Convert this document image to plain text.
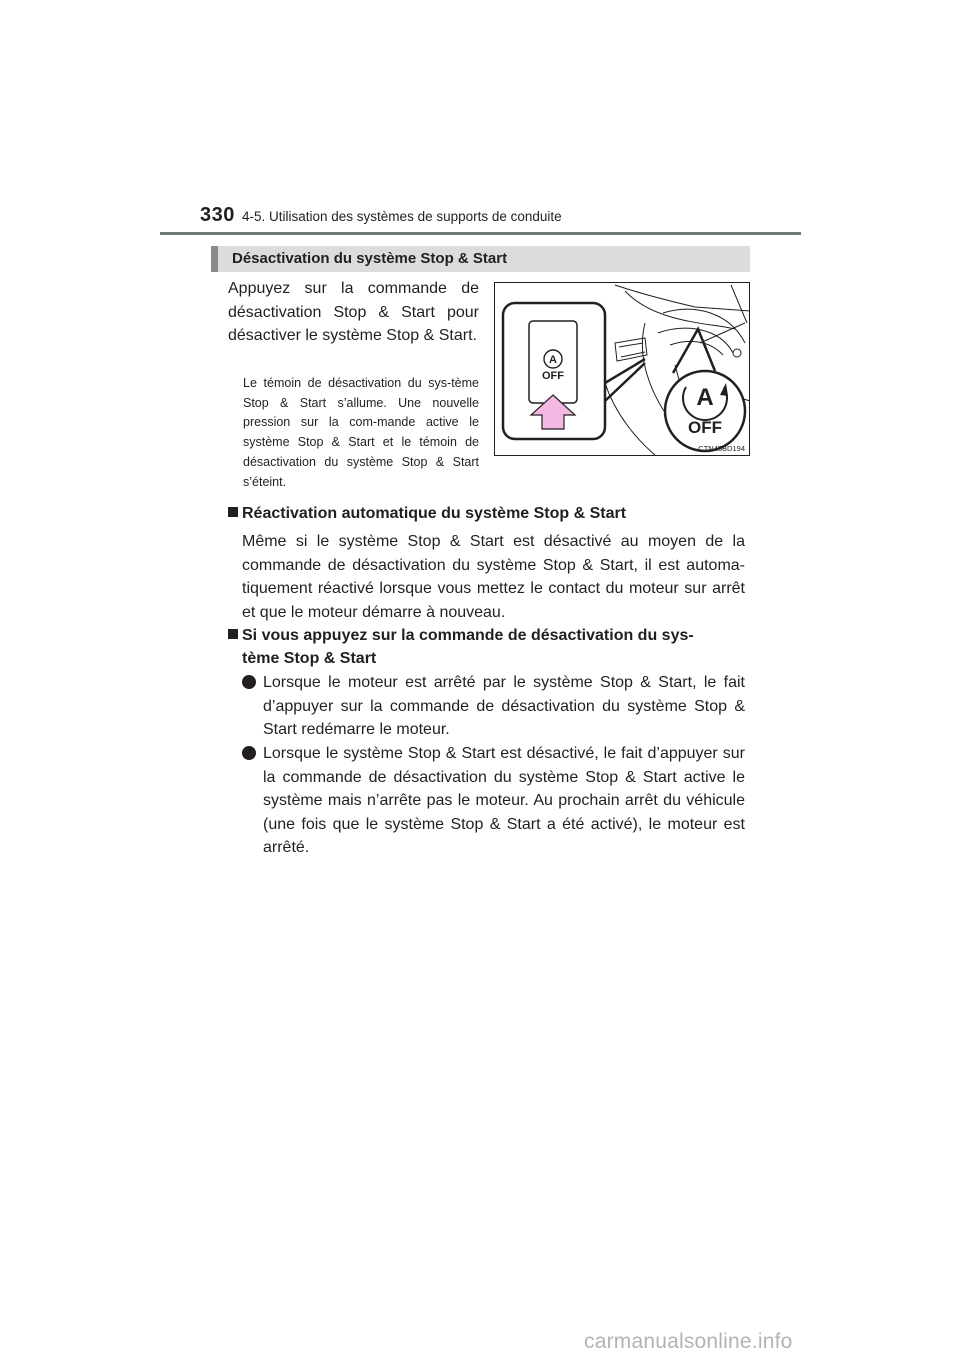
330 4-5. Utilisation des systèmes de supports de conduite
Désactivation du système Stop & Start
Appuyez sur la commande de désactivation Stop & Start pour désactiver le système Stop & Start.
Le témoin de désactivation du sys-tème Stop & Start s’allume. Une nouvelle pression sur la com-mande active le système Stop & Start et le témoin de désactivation du système Stop & Start s’éteint.
A
OFF
A
OFF
CTN45BD194
Réactivation automatique du système Stop & Start
Même si le système Stop & Start est désactivé au moyen de la commande de désactivation du système Stop & Start, il est automa-tiquement réactivé lorsque vous mettez le contact du moteur sur arrêt et que le moteur démarre à nouveau.
Si vous appuyez sur la commande de désactivation du sys-
tème Stop & Start
Lorsque le moteur est arrêté par le système Stop & Start, le fait d’appuyer sur la commande de désactivation du système Stop & Start redémarre le moteur.
Lorsque le système Stop & Start est désactivé, le fait d’appuyer sur la commande de désactivation du système Stop & Start active le système mais n’arrête pas le moteur. Au prochain arrêt du véhicule (une fois que le système Stop & Start a été activé), le moteur est arrêté.
carmanualsonline.info
